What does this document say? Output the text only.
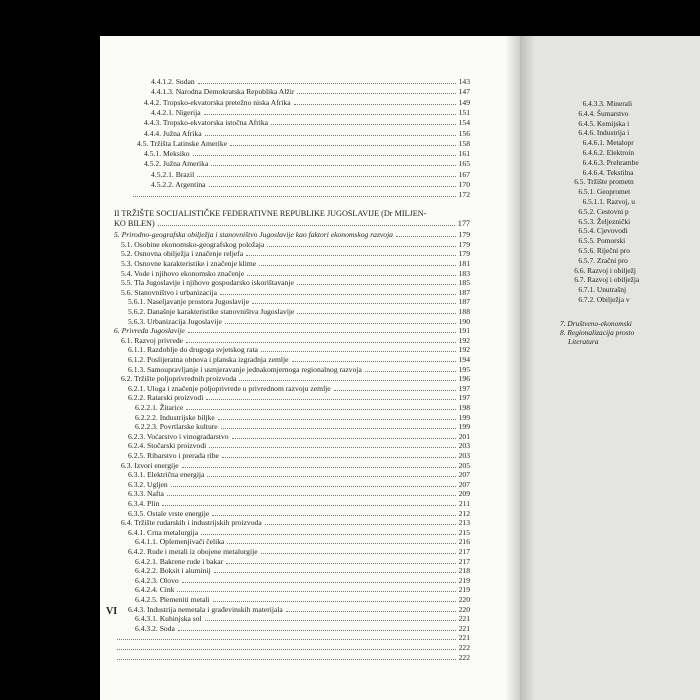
4.4.1.2. Sudan	143
4.4.1.3. Narodna Demokratska Republika Alžir	147
4.4.2. Tropsko-ekvatorska pretežno niska Afrika	149
4.4.2.1. Nigerija	151
4.4.3. Tropsko-ekvatorska istočna Afrika	154
4.4.4. Južna Afrika	156
4.5. Tržišta Latinske Amerike	158
4.5.1. Meksiko	161
4.5.2. Južna Amerika	165
4.5.2.1. Brazil	167
4.5.2.2. Argentina	170
172
II TRŽIŠTE SOCIJALISTIČKE FEDERATIVNE REPUBLIKE JUGOSLAVIJE (Dr MILJEN-
KO BILEN)	177
5. Prirodno-geografska obilježja i stanovništvo Jugoslavije kao faktori ekonomskog razvoja	179
5.1. Osobine ekonomsko-geografskog položaja	179
5.2. Osnovna obilježja i značenje reljefa	179
5.3. Osnovne karakteristike i značenje klime	181
5.4. Vode i njihovo ekonomsko značenje	183
5.5. Tla Jugoslavije i njihovo gospodarsko iskorištavanje	185
5.6. Stanovništvo i urbanizacija	187
5.6.1. Naseljavanje prostora Jugoslavije	187
5.6.2. Današnje karakteristike stanovništva Jugoslavije	188
5.6.3. Urbanizacija Jugoslavije	190
6. Privreda Jugoslavije	191
6.1. Razvoj privrede	192
6.1.1. Razdoblje do drugoga svjetskog rata	192
6.1.2. Poslijeratna obnova i planska izgradnja zemlje	194
6.1.3. Samoupravljanje i usmjeravanje jednakomjernoga regionalnog razvoja	195
6.2. Tržište poljoprivrednih proizvoda	196
6.2.1. Uloga i značenje poljoprivrede u privrednom razvoju zemlje	197
6.2.2. Ratarski proizvodi	197
6.2.2.1. Žitarice	198
6.2.2.2. Industrijske biljke	199
6.2.2.3. Povrtlarske kulture	199
6.2.3. Voćarstvo i vinogradarstvo	201
6.2.4. Stočarski proizvodi	203
6.2.5. Ribarstvo i prerada ribe	203
6.3. Izvori energije	205
6.3.1. Električna energija	207
6.3.2. Ugljen	207
6.3.3. Nafta	209
6.3.4. Plin	211
6.3.5. Ostale vrste energije	212
6.4. Tržište rudarskih i industrijskih proizvoda	213
6.4.1. Crna metalurgija	215
6.4.1.1. Oplemenjivači čelika	216
6.4.2. Rude i metali iz obojene metalurgije	217
6.4.2.1. Bakrene rude i bakar	217
6.4.2.2. Boksit i aluminij	218
6.4.2.3. Olovo	219
6.4.2.4. Cink	219
6.4.2.5. Plemeniti metali	220
6.4.3. Industrija nemetala i građevinskih materijala	220
6.4.3.1. Kuhinjska sol	221
6.4.3.2. Soda	221
221
222
222
VI
6.4.3.3. Minerali
6.4.4. Šumarstvo
6.4.5. Kemijska i
6.4.6. Industrija i
6.4.6.1. Metalopr
6.4.6.2. Elektroin
6.4.6.3. Prehrambe
6.4.6.4. Tekstilna
6.5. Tržište prometn
6.5.1. Geopromet
6.5.1.1. Razvoj, u
6.5.2. Cestovni p
6.5.3. Željeznički
6.5.4. Cjevovodi
6.5.5. Pomorski
6.5.6. Riječni pro
6.5.7. Zračni pro
6.6. Razvoj i obilježj
6.7. Razvoj i obilježja
6.7.1. Unutrašnj
6.7.2. Obilježja v
7. Društveno-ekonomski
8. Regionalizacija prosto
Literatura
